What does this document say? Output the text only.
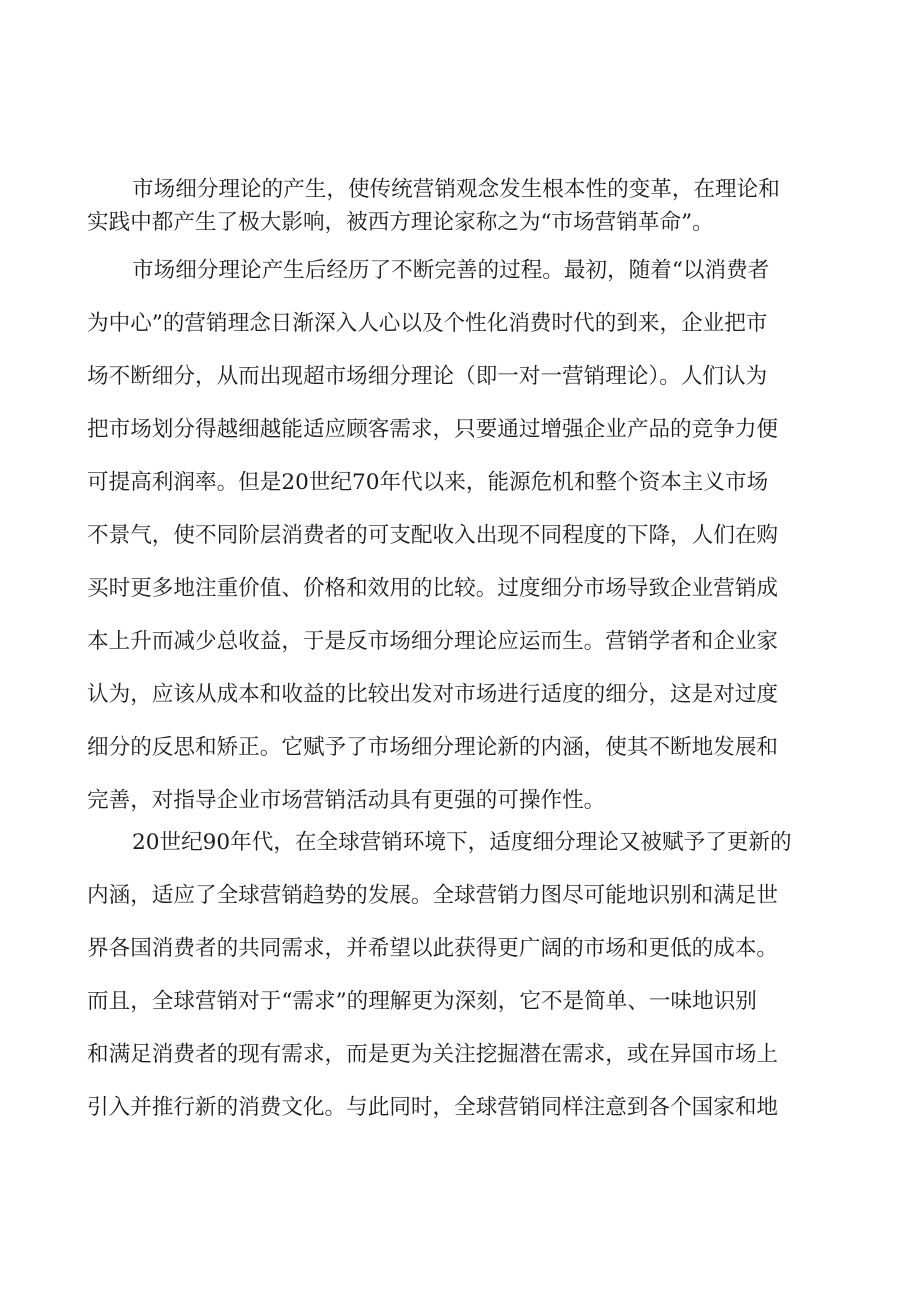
市场细分理论的产生，使传统营销观念发生根本性的变革，在理论和
实践中都产生了极大影响，被西方理论家称之为“市场营销革命”。
市场细分理论产生后经历了不断完善的过程。最初，随着“以消费者
为中心”的营销理念日渐深入人心以及个性化消费时代的到来，企业把市
场不断细分，从而出现超市场细分理论（即一对一营销理论）。人们认为
把市场划分得越细越能适应顾客需求，只要通过增强企业产品的竞争力便
可提高利润率。但是20世纪70年代以来，能源危机和整个资本主义市场
不景气，使不同阶层消费者的可支配收入出现不同程度的下降，人们在购
买时更多地注重价值、价格和效用的比较。过度细分市场导致企业营销成
本上升而减少总收益，于是反市场细分理论应运而生。营销学者和企业家
认为，应该从成本和收益的比较出发对市场进行适度的细分，这是对过度
细分的反思和矫正。它赋予了市场细分理论新的内涵，使其不断地发展和
完善，对指导企业市场营销活动具有更强的可操作性。
20世纪90年代，在全球营销环境下，适度细分理论又被赋予了更新的
内涵，适应了全球营销趋势的发展。全球营销力图尽可能地识别和满足世
界各国消费者的共同需求，并希望以此获得更广阔的市场和更低的成本。
而且，全球营销对于“需求”的理解更为深刻，它不是简单、一味地识别
和满足消费者的现有需求，而是更为关注挖掘潜在需求，或在异国市场上
引入并推行新的消费文化。与此同时，全球营销同样注意到各个国家和地
